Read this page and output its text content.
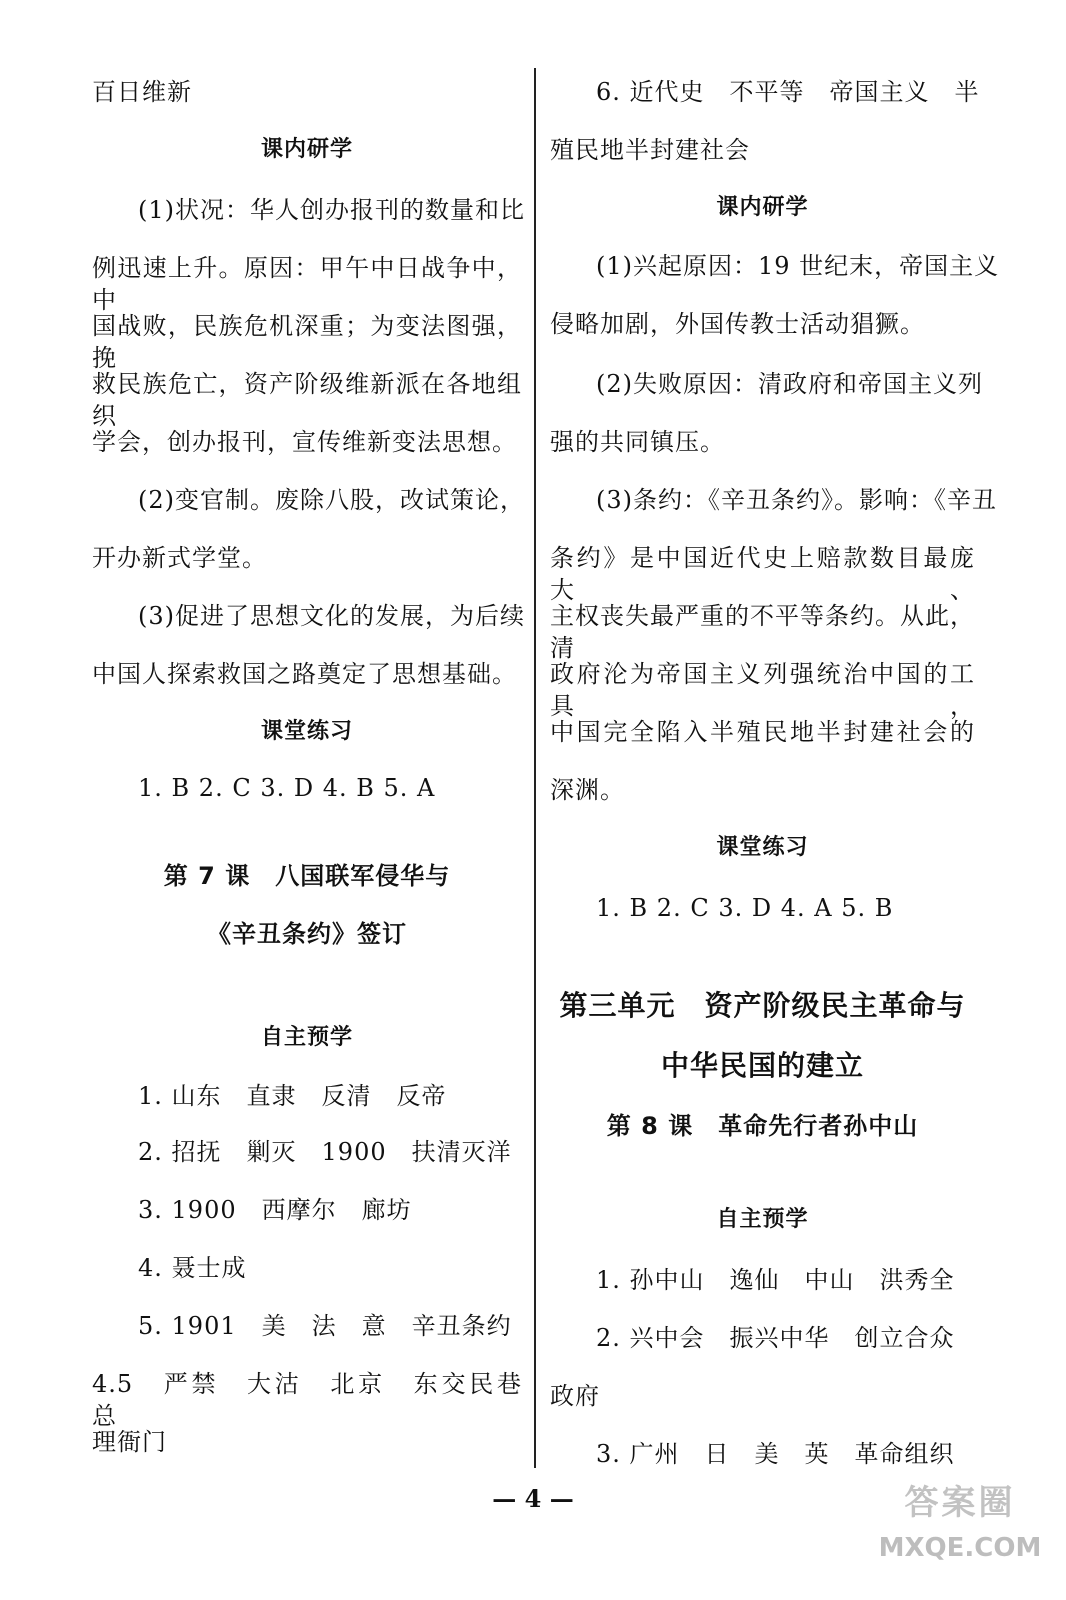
百日维新
课内研学
(1)状况：华人创办报刊的数量和比
例迅速上升。原因：甲午中日战争中，中
国战败，民族危机深重；为变法图强，挽
救民族危亡，资产阶级维新派在各地组织
学会，创办报刊，宣传维新变法思想。
(2)变官制。废除八股，改试策论，
开办新式学堂。
(3)促进了思想文化的发展，为后续
中国人探索救国之路奠定了思想基础。
课堂练习
1. B 2. C 3. D 4. B 5. A
第 7 课　八国联军侵华与
《辛丑条约》签订
自主预学
1. 山东　直隶　反清　反帝
2. 招抚　剿灭　1900　扶清灭洋
3. 1900　西摩尔　廊坊
4. 聂士成
5. 1901　美　法　意　辛丑条约
4.5　严禁　大沽　北京　东交民巷　总
理衙门
6. 近代史　不平等　帝国主义　半
殖民地半封建社会
课内研学
(1)兴起原因：19 世纪末，帝国主义
侵略加剧，外国传教士活动猖獗。
(2)失败原因：清政府和帝国主义列
强的共同镇压。
(3)条约：《辛丑条约》。影响：《辛丑
条约》是中国近代史上赔款数目最庞大、
主权丧失最严重的不平等条约。从此，清
政府沦为帝国主义列强统治中国的工具，
中国完全陷入半殖民地半封建社会的
深渊。
课堂练习
1. B 2. C 3. D 4. A 5. B
第三单元　资产阶级民主革命与
中华民国的建立
第 8 课　革命先行者孙中山
自主预学
1. 孙中山　逸仙　中山　洪秀全
2. 兴中会　振兴中华　创立合众
政府
3. 广州　日　美　英　革命组织
— 4 —	答案圈
MXQE.COM
